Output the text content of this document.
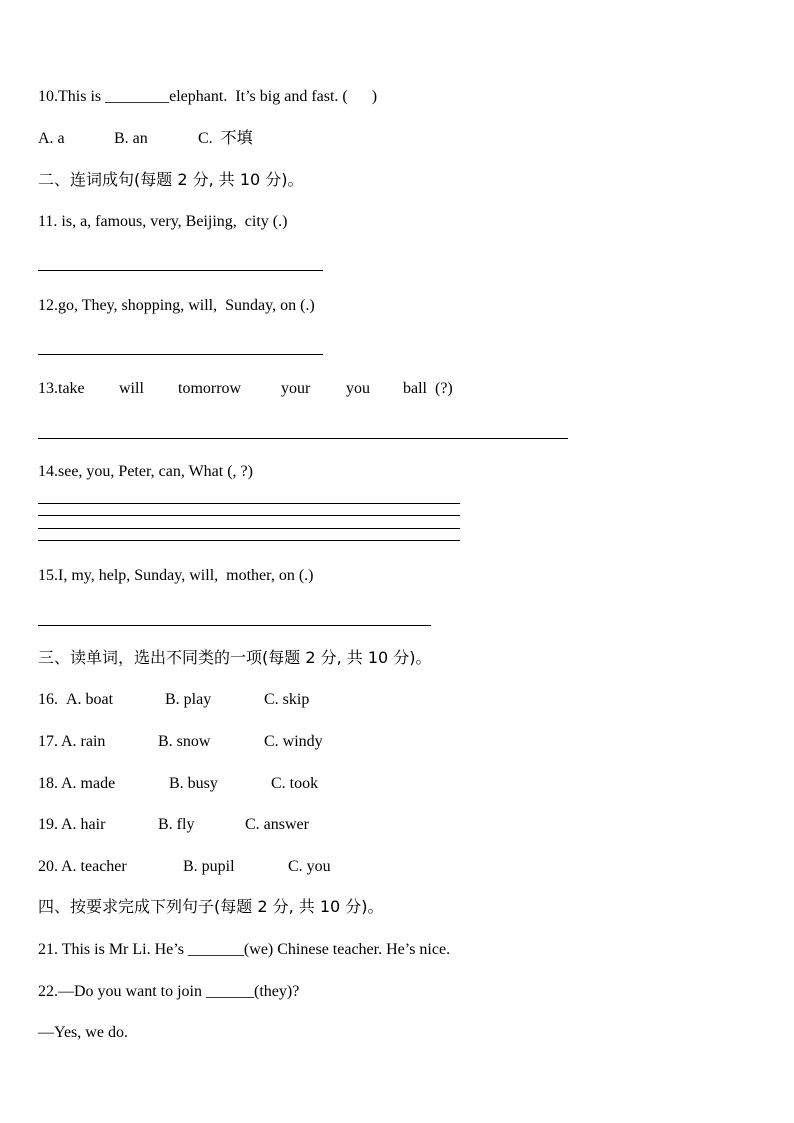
10.This is ________elephant.  It’s big and fast. (      )
A. a	B. an	C.  不填
二、连词成句(每题 2 分, 共 10 分)。
11. is, a, famous, very, Beijing,  city (.)
12.go, They, shopping, will,  Sunday, on (.)
13.take will tomorrow your you ball  (?)
14.see, you, Peter, can, What (, ?)
15.I, my, help, Sunday, will,  mother, on (.)
三、读单词，选出不同类的一项(每题 2 分, 共 10 分)。
16. A. boat	B. play	C. skip
17. A. rain	B. snow	C. windy
18. A. made	B. busy	C. took
19. A. hair	B. fly	C. answer
20. A. teacher	B. pupil	C. you
四、按要求完成下列句子(每题 2 分, 共 10 分)。
21. This is Mr Li. He’s _______(we) Chinese teacher. He’s nice.
22.—Do you want to join ______(they)?
—Yes, we do.
